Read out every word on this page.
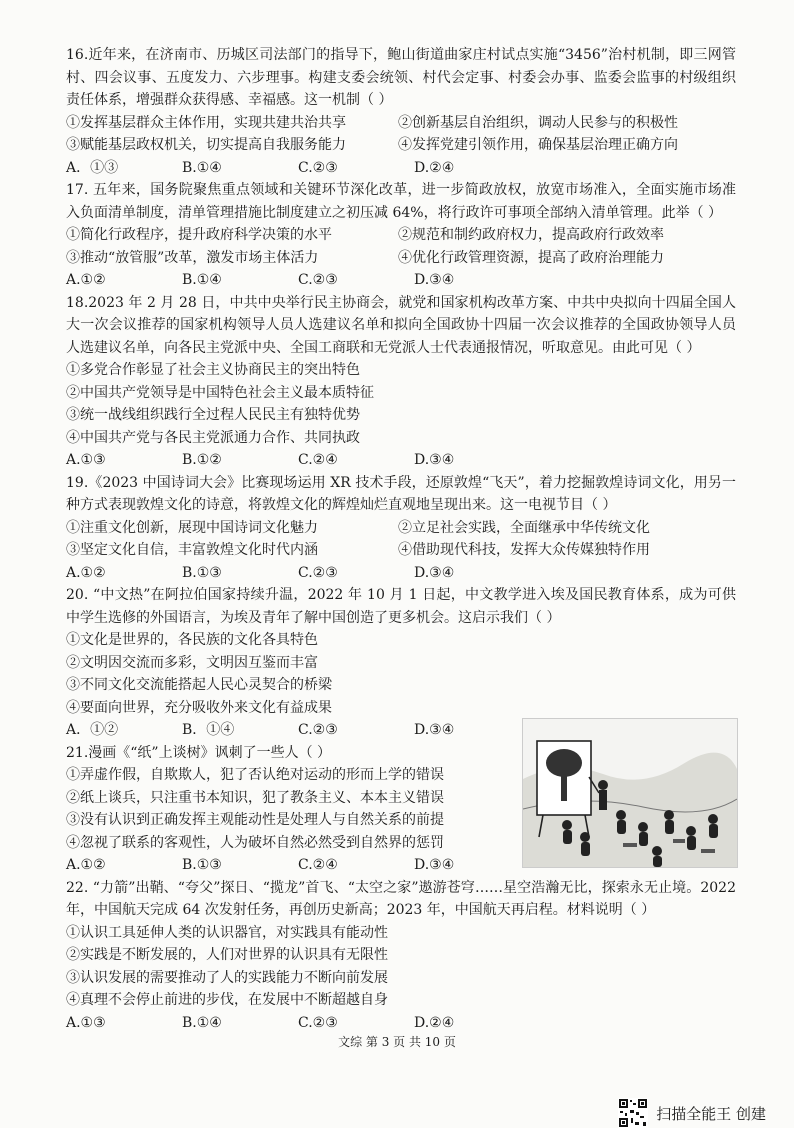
16.近年来，在济南市、历城区司法部门的指导下，鲍山街道曲家庄村试点实施“3456”治村机制，即三网管村、四会议事、五度发力、六步理事。构建支委会统领、村代会定事、村委会办事、监委会监事的村级组织责任体系，增强群众获得感、幸福感。这一机制（ ）

①发挥基层群众主体作用，实现共建共治共享	②创新基层自治组织，调动人民参与的积极性
③赋能基层政权机关，切实提高自我服务能力	④发挥党建引领作用，确保基层治理正确方向
A．①③	B.①④	C.②③	D.②④

17. 五年来，国务院聚焦重点领域和关键环节深化改革，进一步简政放权，放宽市场准入，全面实施市场准入负面清单制度，清单管理措施比制度建立之初压减 64%，将行政许可事项全部纳入清单管理。此举（ ）

①简化行政程序，提升政府科学决策的水平	②规范和制约政府权力，提高政府行政效率
③推动“放管服”改革，激发市场主体活力	④优化行政管理资源，提高了政府治理能力
A.①②	B.①④	C.②③	D.③④

18.2023 年 2 月 28 日，中共中央举行民主协商会，就党和国家机构改革方案、中共中央拟向十四届全国人大一次会议推荐的国家机构领导人员人选建议名单和拟向全国政协十四届一次会议推荐的全国政协领导人员人选建议名单，向各民主党派中央、全国工商联和无党派人士代表通报情况，听取意见。由此可见（ ）

①多党合作彰显了社会主义协商民主的突出特色

②中国共产党领导是中国特色社会主义最本质特征

③统一战线组织践行全过程人民民主有独特优势

④中国共产党与各民主党派通力合作、共同执政

A.①③	B.①②	C.②④	D.③④

19.《2023 中国诗词大会》比赛现场运用 XR 技术手段，还原敦煌“飞天”，着力挖掘敦煌诗词文化，用另一种方式表现敦煌文化的诗意，将敦煌文化的辉煌灿烂直观地呈现出来。这一电视节目（ ）

①注重文化创新，展现中国诗词文化魅力	②立足社会实践，全面继承中华传统文化
③坚定文化自信，丰富敦煌文化时代内涵	④借助现代科技，发挥大众传媒独特作用
A.①②	B.①③	C.②③	D.③④

20. “中文热”在阿拉伯国家持续升温，2022 年 10 月 1 日起，中文教学进入埃及国民教育体系，成为可供中学生选修的外国语言，为埃及青年了解中国创造了更多机会。这启示我们（ ）

①文化是世界的，各民族的文化各具特色

②文明因交流而多彩，文明因互鉴而丰富

③不同文化交流能搭起人民心灵契合的桥梁

④要面向世界，充分吸收外来文化有益成果

A．①②	B．①④	C.②③	D.③④

21.漫画《“纸”上谈树》讽刺了一些人（ ）

①弄虚作假，自欺欺人，犯了否认绝对运动的形而上学的错误

②纸上谈兵，只注重书本知识，犯了教条主义、本本主义错误

③没有认识到正确发挥主观能动性是处理人与自然关系的前提

④忽视了联系的客观性，人为破坏自然必然受到自然界的惩罚

A.①②	B.①③	C.②④	D.③④

22. “力箭”出鞘、“夸父”探日、“揽龙”首飞、“太空之家”遨游苍穹……星空浩瀚无比，探索永无止境。2022 年，中国航天完成 64 次发射任务，再创历史新高；2023 年，中国航天再启程。材料说明（ ）

①认识工具延伸人类的认识器官，对实践具有能动性

②实践是不断发展的，人们对世界的认识具有无限性

③认识发展的需要推动了人的实践能力不断向前发展

④真理不会停止前进的步伐，在发展中不断超越自身

A.①③	B.①④	C.②③	D.②④
文综 第 3 页 共 10 页
扫描全能王 创建
